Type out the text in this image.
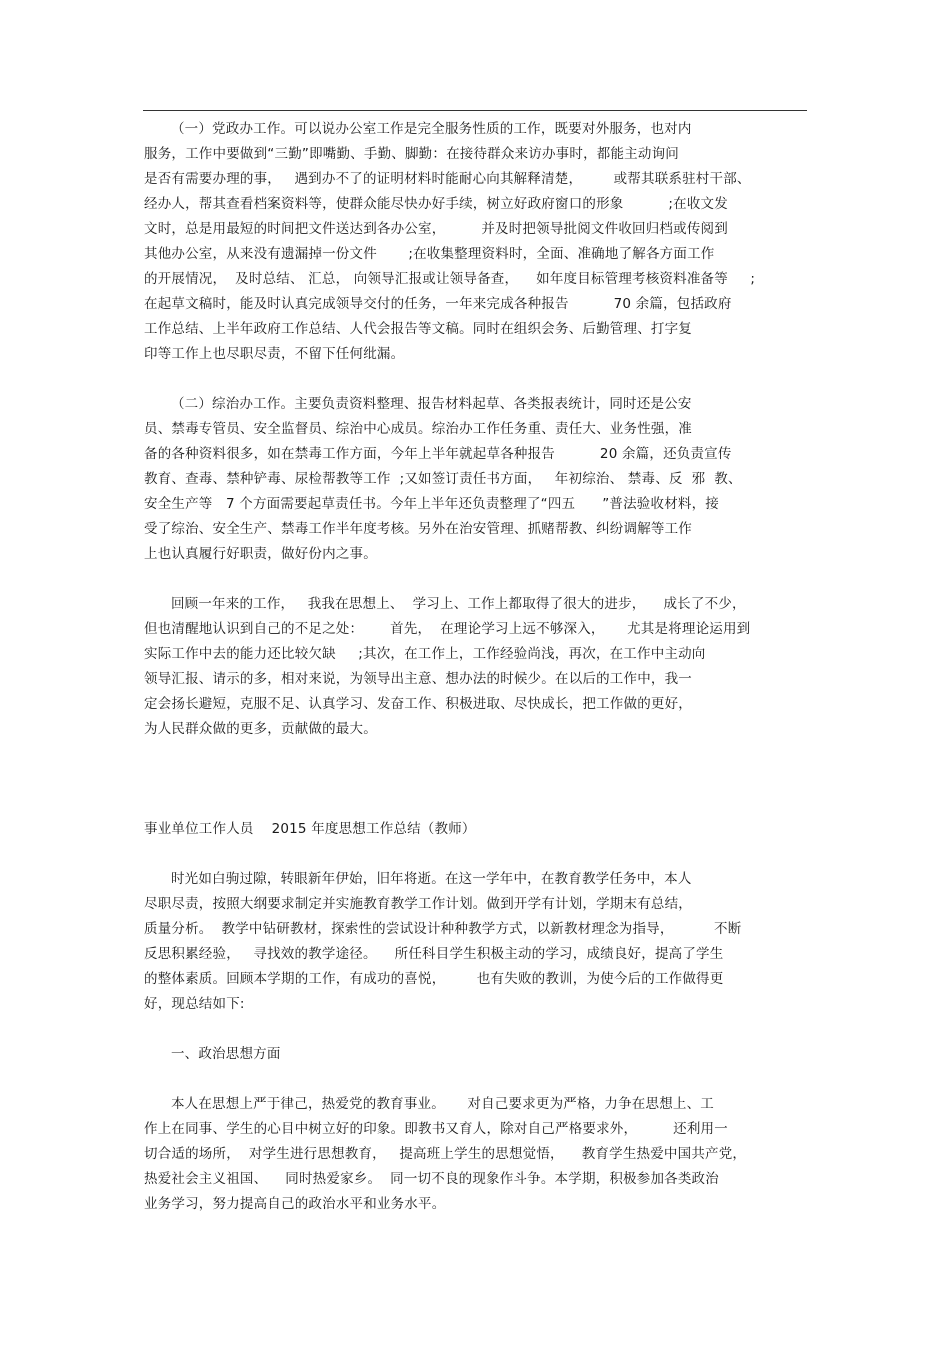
（一）党政办工作。可以说办公室工作是完全服务性质的工作，既要对外服务，也对内
服务，工作中要做到“三勤”即嘴勤、手勤、脚勤：在接待群众来访办事时，都能主动询问
是否有需要办理的事，   遇到办不了的证明材料时能耐心向其解释清楚，       或帮其联系驻村干部、
经办人，帮其查看档案资料等，使群众能尽快办好手续，树立好政府窗口的形象          ;在收文发
文时，总是用最短的时间把文件送达到各办公室，        并及时把领导批阅文件收回归档或传阅到
其他办公室，从来没有遗漏掉一份文件       ;在收集整理资料时，全面、准确地了解各方面工作
的开展情况，  及时总结、 汇总， 向领导汇报或让领导备查，    如年度目标管理考核资料准备等     ;
在起草文稿时，能及时认真完成领导交付的任务，一年来完成各种报告          70 余篇，包括政府
工作总结、上半年政府工作总结、人代会报告等文稿。同时在组织会务、后勤管理、打字复
印等工作上也尽职尽责，不留下任何纰漏。
（二）综治办工作。主要负责资料整理、报告材料起草、各类报表统计，同时还是公安
员、禁毒专管员、安全监督员、综治中心成员。综治办工作任务重、责任大、业务性强，准
备的各种资料很多，如在禁毒工作方面，今年上半年就起草各种报告          20 余篇，还负责宣传
教育、查毒、禁种铲毒、尿检帮教等工作  ;又如签订责任书方面，   年初综治、 禁毒、反  邪  教、
安全生产等   7 个方面需要起草责任书。今年上半年还负责整理了“四五      ”普法验收材料，接
受了综治、安全生产、禁毒工作半年度考核。另外在治安管理、抓赌帮教、纠纷调解等工作
上也认真履行好职责，做好份内之事。
回顾一年来的工作，   我我在思想上、  学习上、工作上都取得了很大的进步，    成长了不少，
但也清醒地认识到自己的不足之处：      首先，  在理论学习上远不够深入，     尤其是将理论运用到
实际工作中去的能力还比较欠缺     ;其次，在工作上，工作经验尚浅，再次，在工作中主动向
领导汇报、请示的多，相对来说，为领导出主意、想办法的时候少。在以后的工作中，我一
定会扬长避短，克服不足、认真学习、发奋工作、积极进取、尽快成长，把工作做的更好，
为人民群众做的更多，贡献做的最大。
事业单位工作人员    2015 年度思想工作总结（教师）
时光如白驹过隙，转眼新年伊始，旧年将逝。在这一学年中，在教育教学任务中，本人
尽职尽责，按照大纲要求制定并实施教育教学工作计划。做到开学有计划，学期末有总结，
质量分析。  教学中钻研教材，探索性的尝试设计种种教学方式，以新教材理念为指导，         不断
反思积累经验，   寻找效的教学途径。    所任科目学生积极主动的学习，成绩良好，提高了学生
的整体素质。回顾本学期的工作，有成功的喜悦，       也有失败的教训，为使今后的工作做得更
好，现总结如下:
一、政治思想方面
本人在思想上严于律己，热爱党的教育事业。     对自己要求更为严格，力争在思想上、工
作上在同事、学生的心目中树立好的印象。即教书又育人，除对自己严格要求外，        还利用一
切合适的场所，  对学生进行思想教育，   提高班上学生的思想觉悟，    教育学生热爱中国共产党，
热爱社会主义祖国、    同时热爱家乡。  同一切不良的现象作斗争。本学期，积极参加各类政治
业务学习，努力提高自己的政治水平和业务水平。
